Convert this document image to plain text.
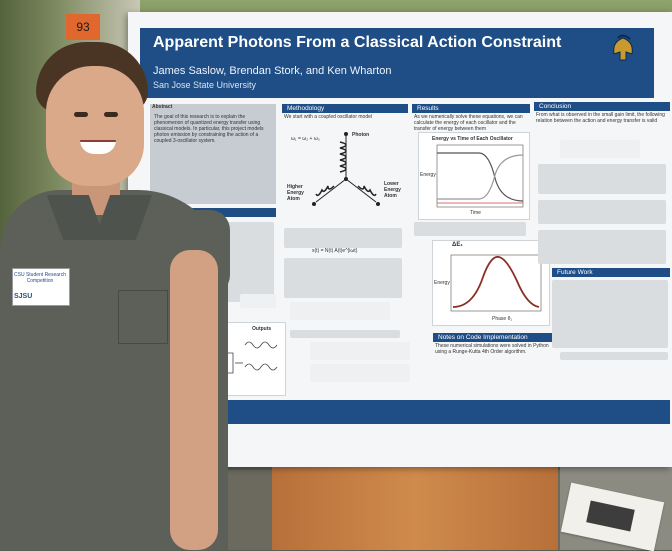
93
Apparent Photons From a Classical Action Constraint
James Saslow, Brendan Stork, and Ken Wharton
San Jose State University
Abstract
The goal of this research is to explain the phenomenon of quantized energy transfer using classical models. In particular, this project models photon emission by constraining the action of a coupled 3-oscillator system.
Outputs
Methodology
We start with a coupled oscillator model
ω₁ = ω₂ + ω₃
Photon
Higher Energy Atom
Lower Energy Atom
x(t) = N(t) A(t)e^{iωt}
Results
As we numerically solve these equations, we can calculate the energy of each oscillator and the transfer of energy between them
Energy vs Time of Each Oscillator
Time
Energy
ΔE₁
Phase θ₁
Energy
Notes on Code Implementation
These numerical simulations were solved in Python using a Runge-Kutta 4th Order algorithm.
Conclusion
From what is observed in the small gain limit, the following relation between the action and energy transfer is valid
Future Work
CSU Student Research Competition
SJSU
